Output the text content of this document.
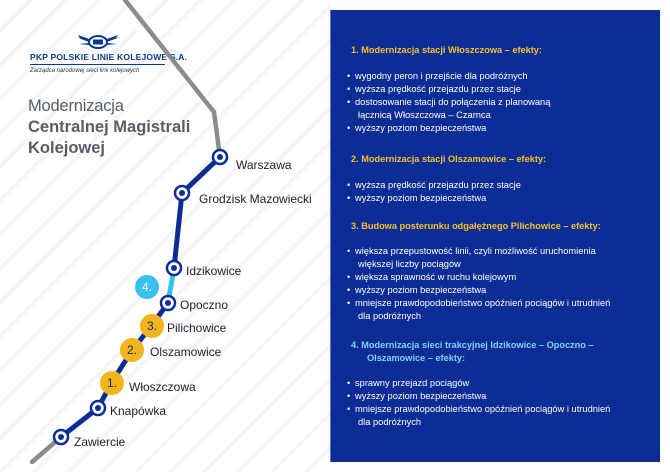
PKP POLSKIE LINIE KOLEJOWE S.A.
Zarządca narodowej sieci linii kolejowych
Modernizacja
Centralnej Magistrali
Kolejowej
4.
3.
2.
1.
Warszawa
Grodzisk Mazowiecki
Idzikowice
Opoczno
Pilichowice
Olszamowice
Włoszczowa
Knapówka
Zawiercie
1. Modernizacja stacji Włoszczowa – efekty:
• wygodny peron i przejście dla podróżnych
• wyższa prędkość przejazdu przez stacje
• dostosowanie stacji do połączenia z planowaną
łącznicą Włoszczowa – Czarnca
• wyższy poziom bezpieczeństwa
2. Modernizacja stacji Olszamowice – efekty:
• wyższa prędkość przejazdu przez stacje
• wyższy poziom bezpieczeństwa
3. Budowa posterunku odgałężnego Pilichowice – efekty:
• większa przepustowość linii, czyli możliwość uruchomienia
większej liczby pociągów
• większa sprawność w ruchu kolejowym
• wyższy poziom bezpieczeństwa
• mniejsze prawdopodobieństwo opóźnień pociągów i utrudnień
dla podróżnych
4. Modernizacja sieci trakcyjnej Idzikowice – Opoczno –
Olszamowice – efekty:
• sprawny przejazd pociągów
• wyższy poziom bezpieczeństwa
• mniejsze prawdopodobieństwo opóźnień pociągów i utrudnień
dla podróżnych
